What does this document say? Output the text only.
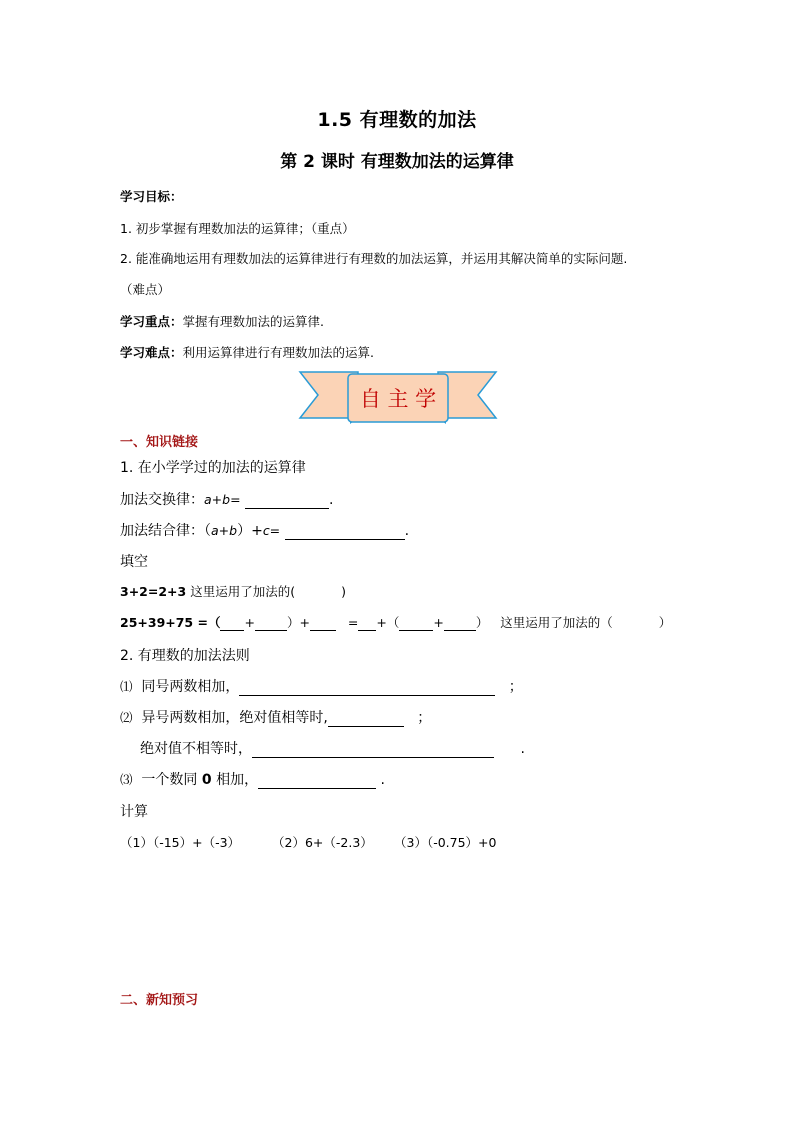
1.5 有理数的加法
第 2 课时 有理数加法的运算律
学习目标：
1. 初步掌握有理数加法的运算律；（重点）
2. 能准确地运用有理数加法的运算律进行有理数的加法运算，并运用其解决简单的实际问题.
（难点）
学习重点：掌握有理数加法的运算律.
学习难点：利用运算律进行有理数加法的运算.
自 主 学
一、知识链接
1. 在小学学过的加法的运算律
加法交换律：a+b=	.
加法结合律：（a+b）+c=	.
填空
3+2=2+3 这里运用了加法的(	)
25+39+75 =（ +	）+	= +（	+	） 这里运用了加法的（	）
2. 有理数的加法法则
⑴ 同号两数相加，	；
⑵ 异号两数相加，绝对值相等时,	；
绝对值不相等时，	.
⑶ 一个数同 0 相加，	.
计算
（1）（-15）+（-3）	（2）6+（-2.3） （3）（-0.75）+0
二、新知预习
